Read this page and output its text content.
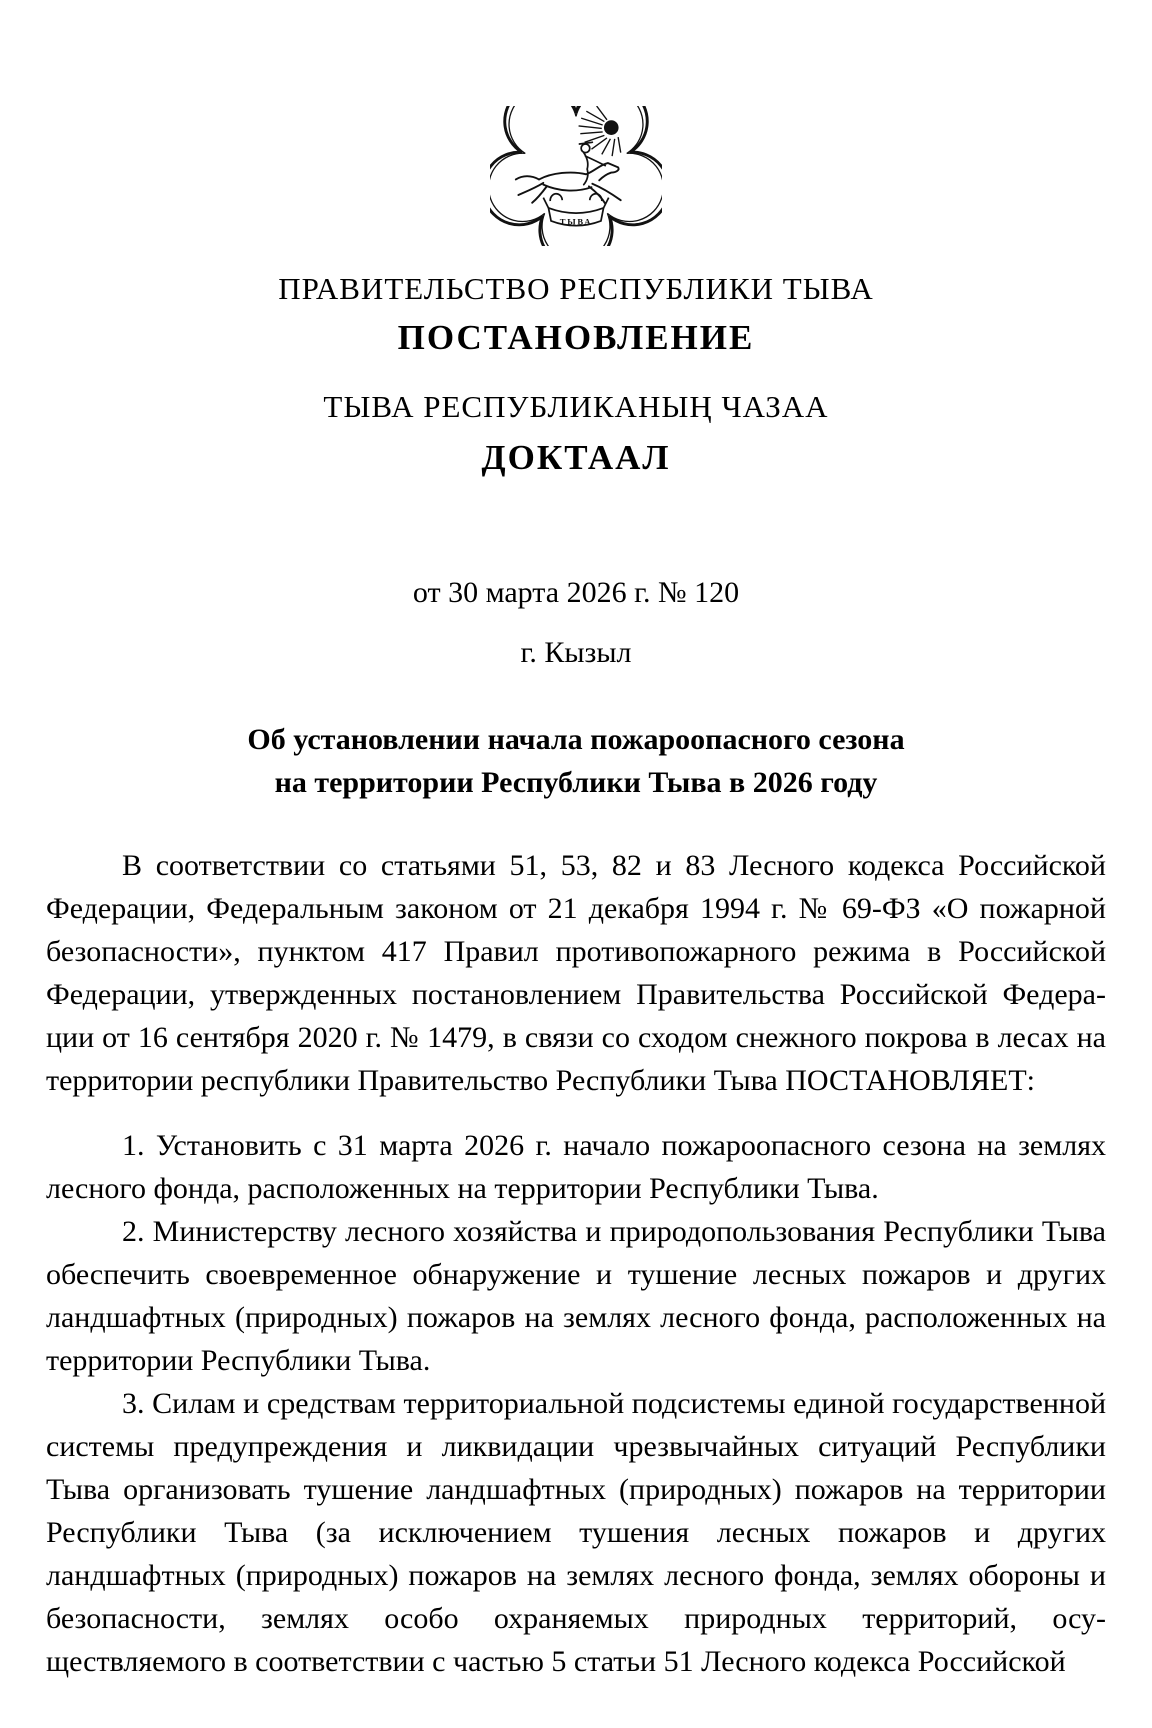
ТЫВА
ПРАВИТЕЛЬСТВО РЕСПУБЛИКИ ТЫВА
ПОСТАНОВЛЕНИЕ
ТЫВА РЕСПУБЛИКАНЫҢ ЧАЗАА
ДОКТААЛ
от 30 марта 2026 г. № 120
г. Кызыл
Об установлении начала пожароопасного сезона
на территории Республики Тыва в 2026 году

В соответствии со статьями 51, 53, 82 и 83 Лесного кодекса Российской Федерации, Федеральным законом от 21 декабря 1994 г. № 69-ФЗ «О пожарной безопасности», пунктом 417 Правил противопожарного режима в Российской Федерации, утвержденных постановлением Правительства Российской Федерации от 16 сентября 2020 г. № 1479, в связи со сходом снежного покрова в лесах на территории республики Правительство Республики Тыва ПОСТАНОВЛЯЕТ:

1. Установить с 31 марта 2026 г. начало пожароопасного сезона на землях лесного фонда, расположенных на территории Республики Тыва.

2. Министерству лесного хозяйства и природопользования Республики Тыва обеспечить своевременное обнаружение и тушение лесных пожаров и других ландшафтных (природных) пожаров на землях лесного фонда, расположенных на территории Республики Тыва.

3. Силам и средствам территориальной подсистемы единой государственной системы предупреждения и ликвидации чрезвычайных ситуаций Республики Тыва организовать тушение ландшафтных (природных) пожаров на территории Республики Тыва (за исключением тушения лесных пожаров и других ландшафтных (природных) пожаров на землях лесного фонда, землях обороны и безопасности, землях особо охраняемых природных территорий, осуществляемого в соответствии с частью 5 статьи 51 Лесного кодекса Российской
